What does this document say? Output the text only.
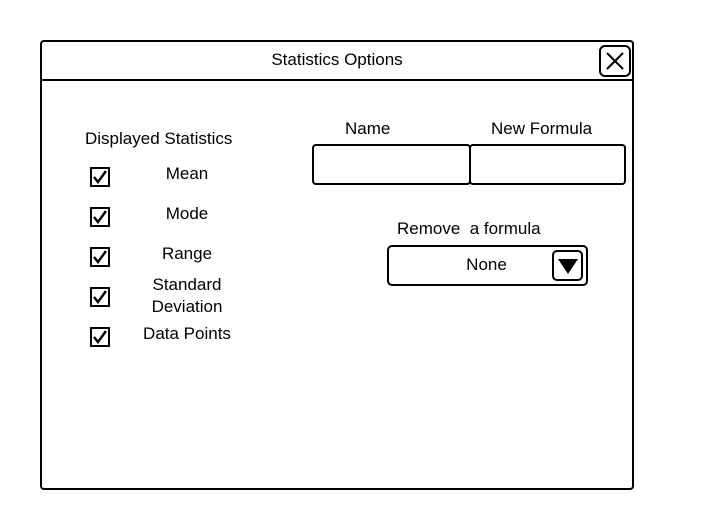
Statistics Options
Displayed Statistics
Mean
Mode
Range
Standard
Deviation
Data Points
Name	New Formula
Remove  a formula
None
